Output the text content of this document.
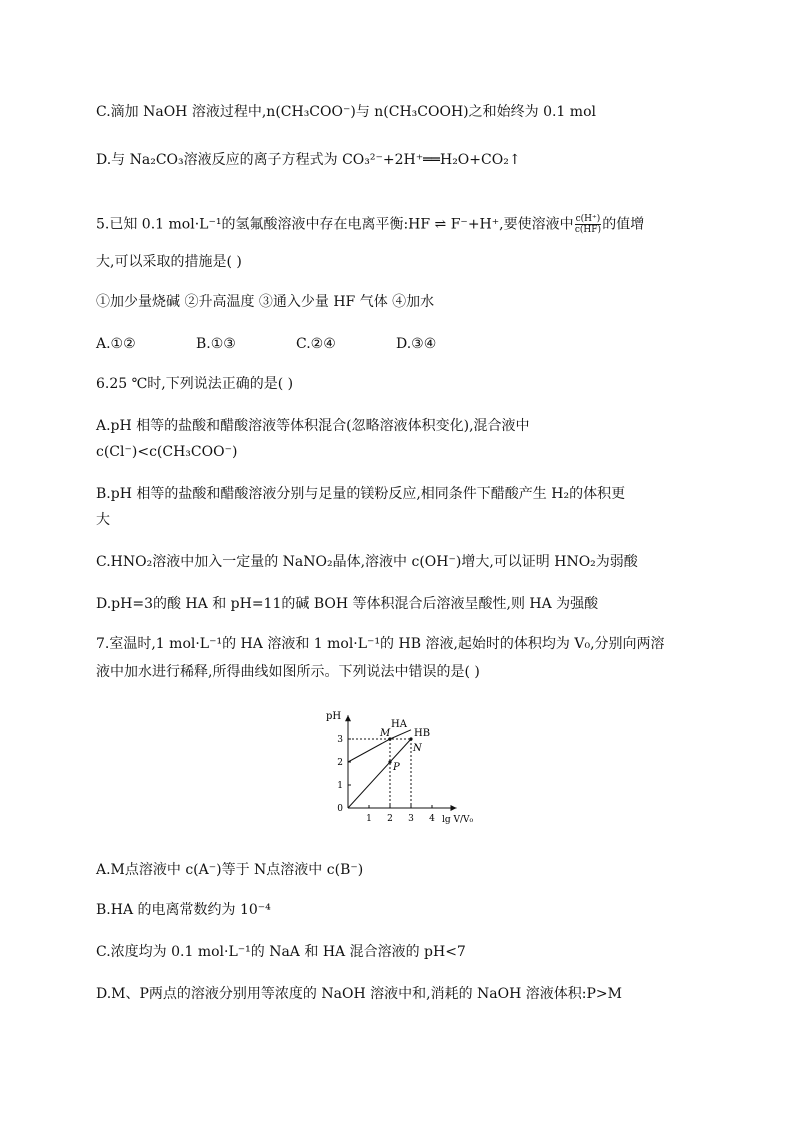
C.滴加 NaOH 溶液过程中,n(CH₃COO⁻)与 n(CH₃COOH)之和始终为 0.1 mol
D.与 Na₂CO₃溶液反应的离子方程式为 CO₃²⁻+2H⁺══H₂O+CO₂↑
5.已知 0.1 mol·L⁻¹的氢氟酸溶液中存在电离平衡:HF ⇌ F⁻+H⁺,要使溶液中 $\frac{c(H^+)}{c(HF)}$ 的值增
大,可以采取的措施是( )
①加少量烧碱 ②升高温度 ③通入少量 HF 气体 ④加水
A.①②	B.①③	C.②④	D.③④
6.25 ℃时,下列说法正确的是( )
A.pH 相等的盐酸和醋酸溶液等体积混合(忽略溶液体积变化),混合液中
c(Cl⁻)<c(CH₃COO⁻)
B.pH 相等的盐酸和醋酸溶液分别与足量的镁粉反应,相同条件下醋酸产生 H₂的体积更
大
C.HNO₂溶液中加入一定量的 NaNO₂晶体,溶液中 c(OH⁻)增大,可以证明 HNO₂为弱酸
D.pH=3的酸 HA 和 pH=11的碱 BOH 等体积混合后溶液呈酸性,则 HA 为强酸
7.室温时,1 mol·L⁻¹的 HA 溶液和 1 mol·L⁻¹的 HB 溶液,起始时的体积均为 V₀,分别向两溶
液中加水进行稀释,所得曲线如图所示。下列说法中错误的是( )
pH
lg V/V₀
1 2 3 4
0
1
2
3
HA
HB
M
N
P
A.M点溶液中 c(A⁻)等于 N点溶液中 c(B⁻)
B.HA 的电离常数约为 10⁻⁴
C.浓度均为 0.1 mol·L⁻¹的 NaA 和 HA 混合溶液的 pH<7
D.M、P两点的溶液分别用等浓度的 NaOH 溶液中和,消耗的 NaOH 溶液体积:P>M
